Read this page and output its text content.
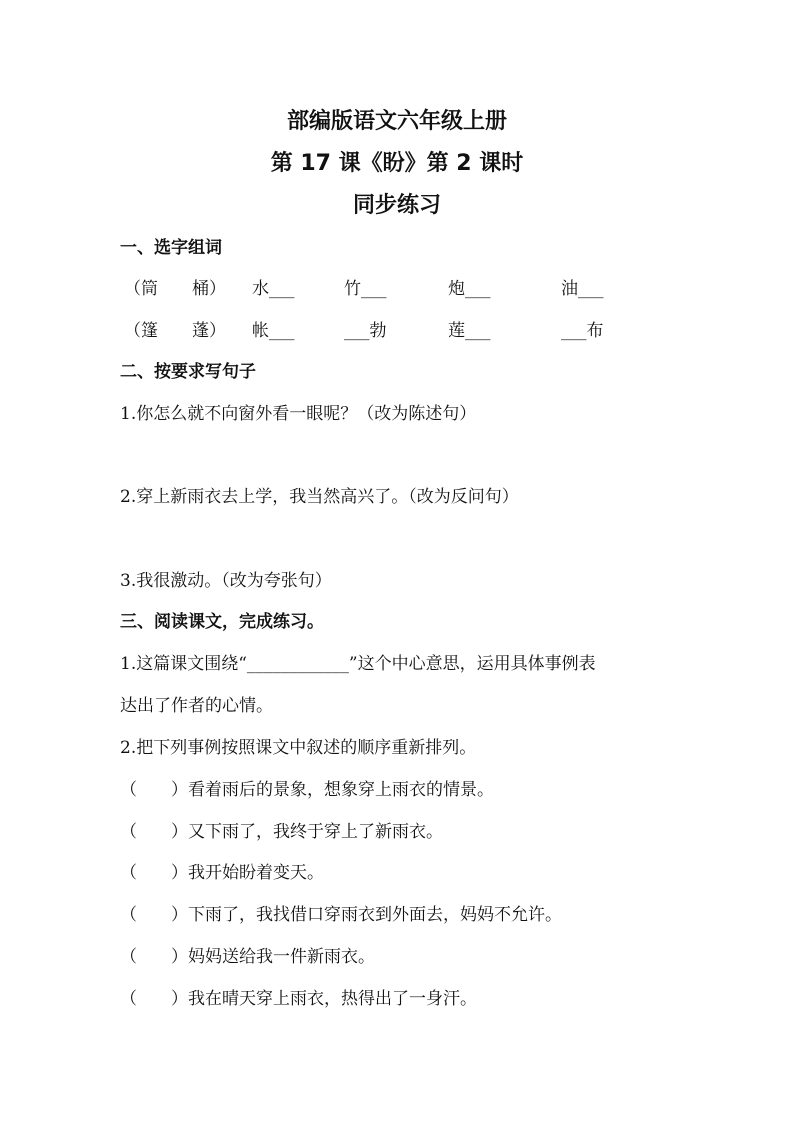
部编版语文六年级上册
第 17 课《盼》第 2 课时
同步练习
一、选字组词
（筒　　桶） 水___	竹___	炮___	油___
（篷　　蓬） 帐___	___勃	莲___	___布
二、按要求写句子
1.你怎么就不向窗外看一眼呢？（改为陈述句）
2.穿上新雨衣去上学，我当然高兴了。（改为反问句）
3.我很激动。（改为夸张句）
三、阅读课文，完成练习。
1.这篇课文围绕“____________”这个中心意思，运用具体事例表
达出了作者的心情。
2.把下列事例按照课文中叙述的顺序重新排列。
（　　）看着雨后的景象，想象穿上雨衣的情景。
（　　）又下雨了，我终于穿上了新雨衣。
（　　）我开始盼着变天。
（　　）下雨了，我找借口穿雨衣到外面去，妈妈不允许。
（　　）妈妈送给我一件新雨衣。
（　　）我在晴天穿上雨衣，热得出了一身汗。
